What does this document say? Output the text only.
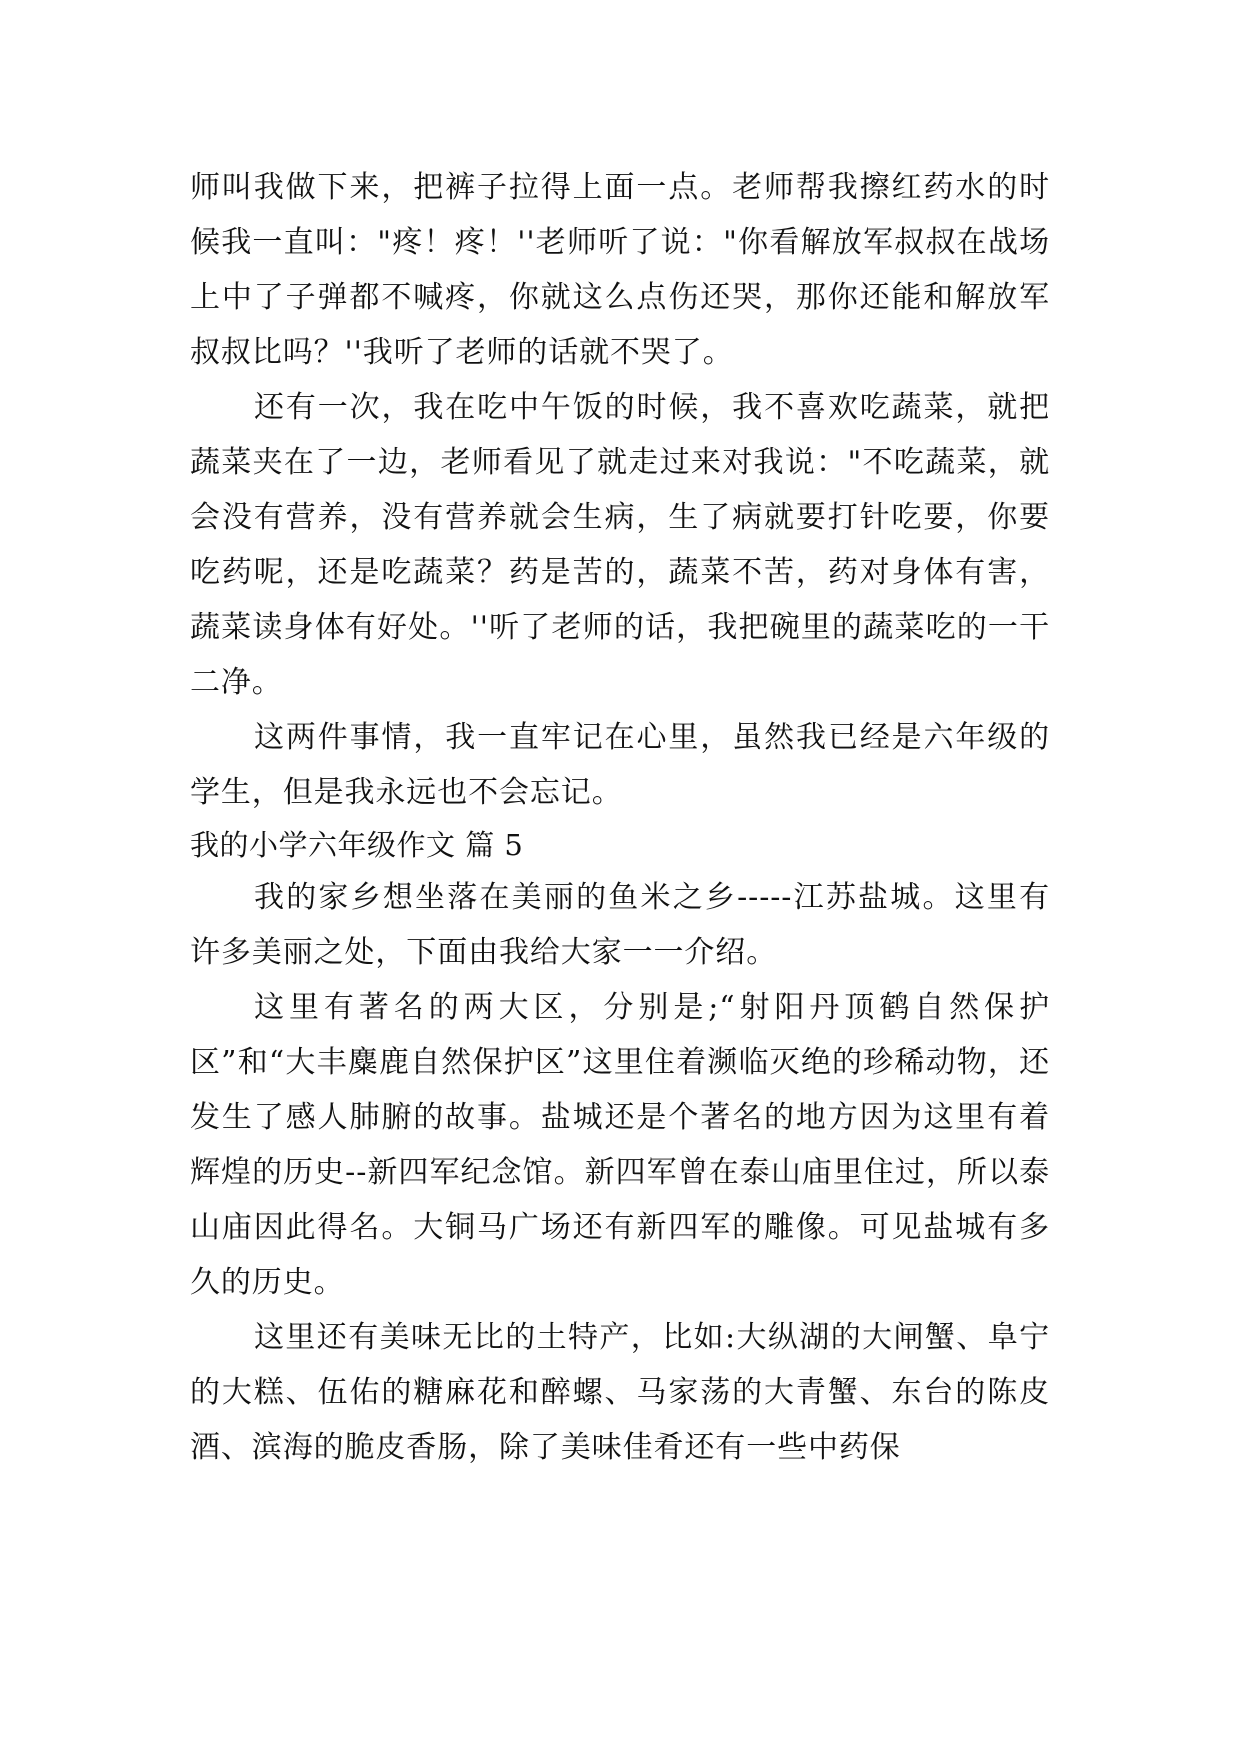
师叫我做下来，把裤子拉得上面一点。老师帮我擦红药水的时候我一直叫："疼！疼！''老师听了说："你看解放军叔叔在战场上中了子弹都不喊疼，你就这么点伤还哭，那你还能和解放军叔叔比吗？''我听了老师的话就不哭了。

还有一次，我在吃中午饭的时候，我不喜欢吃蔬菜，就把蔬菜夹在了一边，老师看见了就走过来对我说："不吃蔬菜，就会没有营养，没有营养就会生病，生了病就要打针吃要，你要吃药呢，还是吃蔬菜？药是苦的，蔬菜不苦，药对身体有害，蔬菜读身体有好处。''听了老师的话，我把碗里的蔬菜吃的一干二净。

这两件事情，我一直牢记在心里，虽然我已经是六年级的学生，但是我永远也不会忘记。

我的小学六年级作文 篇 5

我的家乡想坐落在美丽的鱼米之乡-----江苏盐城。这里有许多美丽之处，下面由我给大家一一介绍。

这里有著名的两大区，分别是;“射阳丹顶鹤自然保护区”和“大丰麋鹿自然保护区”这里住着濒临灭绝的珍稀动物，还发生了感人肺腑的故事。盐城还是个著名的地方因为这里有着辉煌的历史--新四军纪念馆。新四军曾在泰山庙里住过，所以泰山庙因此得名。大铜马广场还有新四军的雕像。可见盐城有多久的历史。

这里还有美味无比的土特产，比如:大纵湖的大闸蟹、阜宁的大糕、伍佑的糖麻花和醉螺、马家荡的大青蟹、东台的陈皮酒、滨海的脆皮香肠，除了美味佳肴还有一些中药保
